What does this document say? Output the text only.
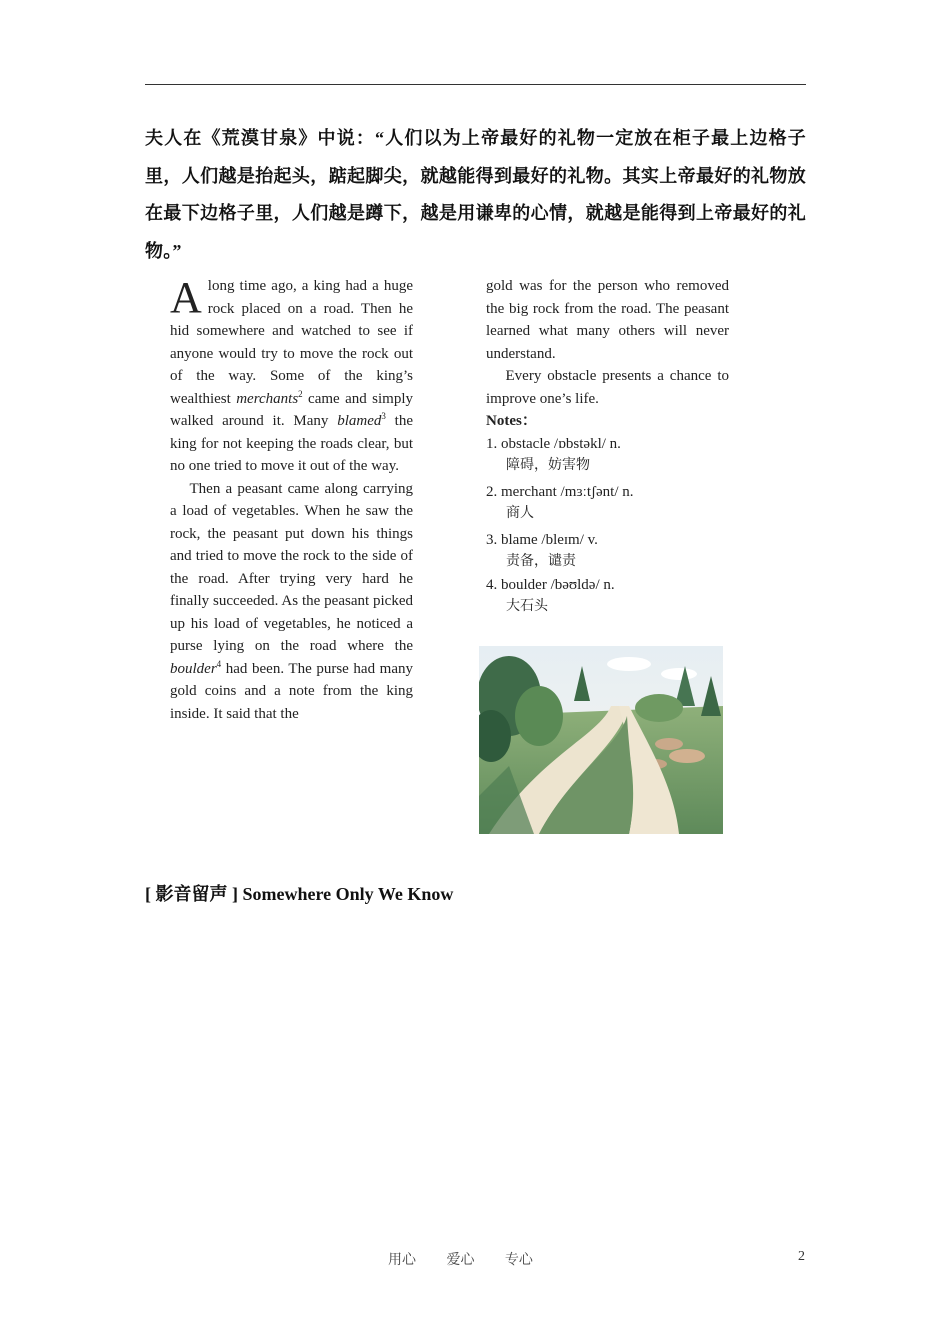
夫人在《荒漠甘泉》中说：“人们以为上帝最好的礼物一定放在柜子最上边格子里，人们越是抬起头，踮起脚尖，就越能得到最好的礼物。其实上帝最好的礼物放在最下边格子里，人们越是蹲下，越是用谦卑的心情，就越是能得到上帝最好的礼物。”

Along time ago, a king had a huge rock placed on a road. Then he hid somewhere and watched to see if anyone would try to move the rock out of the way. Some of the king’s wealthiest merchants$^2$ came and simply walked around it. Many blamed$^3$ the king for not keeping the roads clear, but no one tried to move it out of the way.

Then a peasant came along carrying a load of vegetables. When he saw the rock, the peasant put down his things and tried to move the rock to the side of the road. After trying very hard he finally succeeded. As the peasant picked up his load of vegetables, he noticed a purse lying on the road where the boulder$^4$ had been. The purse had many gold coins and a note from the king inside. It said that the

gold was for the person who removed the big rock from the road. The peasant learned what many others will never understand.

Every obstacle presents a chance to improve one’s life.

Notes：

1. obstacle /ɒbstəkl/ n.
障碍，妨害物
2. merchant /mɜːtʃənt/ n.
商人
3. blame /bleɪm/ v.
责备，谴责
4. boulder /bəʊldə/ n.
大石头
[ 影音留声 ] Somewhere Only We Know
用心 爱心 专心	2
